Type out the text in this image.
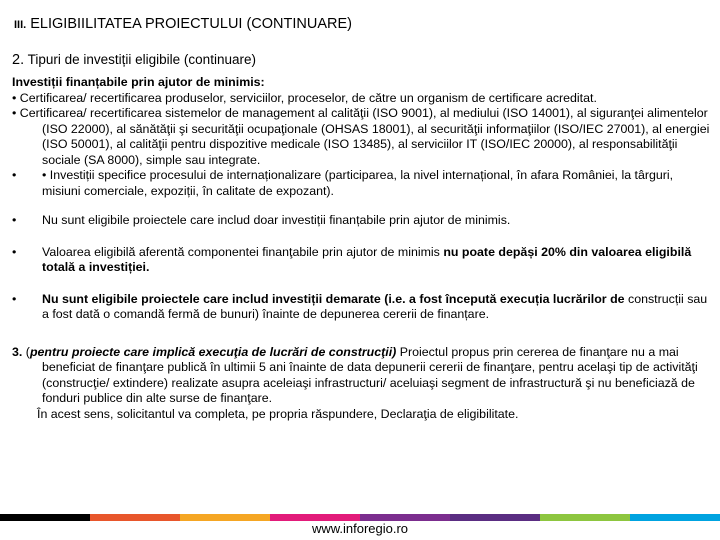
III. ELIGIBIILITATEA PROIECTULUI (CONTINUARE)
2. Tipuri de investiții eligibile (continuare)

Investiții finanțabile prin ajutor de minimis:

• Certificarea/ recertificarea produselor, serviciilor, proceselor, de către un organism de certificare acreditat.

• Certificarea/ recertificarea sistemelor de management al calităţii (ISO 9001), al mediului (ISO 14001), al siguranţei alimentelor (ISO 22000), al sănătăţii şi securităţii ocupaţionale (OHSAS 18001), al securităţii informaţiilor (ISO/IEC 27001), al energiei (ISO 50001), al calităţii pentru dispozitive medicale (ISO 13485), al serviciilor IT (ISO/IEC 20000), al responsabilităţii sociale (SA 8000), simple sau integrate.

•	• Investiții specifice procesului de internaționalizare (participarea, la nivel internațional, în afara României, la târguri, misiuni comerciale, expoziții, în calitate de expozant).
•	Nu sunt eligibile proiectele care includ doar investiții finanțabile prin ajutor de minimis.
•	Valoarea eligibilă aferentă componentei finanţabile prin ajutor de minimis nu poate depăși 20% din valoarea eligibilă totală a investiției.
•	Nu sunt eligibile proiectele care includ investiții demarate (i.e. a fost începută execuția lucrărilor de construcții sau a fost dată o comandă fermă de bunuri) înainte de depunerea cererii de finanțare.

3. (pentru proiecte care implică execuţia de lucrări de construcţii) Proiectul propus prin cererea de finanţare nu a mai beneficiat de finanţare publică în ultimii 5 ani înainte de data depunerii cererii de finanţare, pentru acelaşi tip de activităţi (construcţie/ extindere) realizate asupra aceleiaşi infrastructuri/ aceluiaşi segment de infrastructură şi nu beneficiază de fonduri publice din alte surse de finanţare.

În acest sens, solicitantul va completa, pe propria răspundere, Declaraţia de eligibilitate.

www.inforegio.ro
